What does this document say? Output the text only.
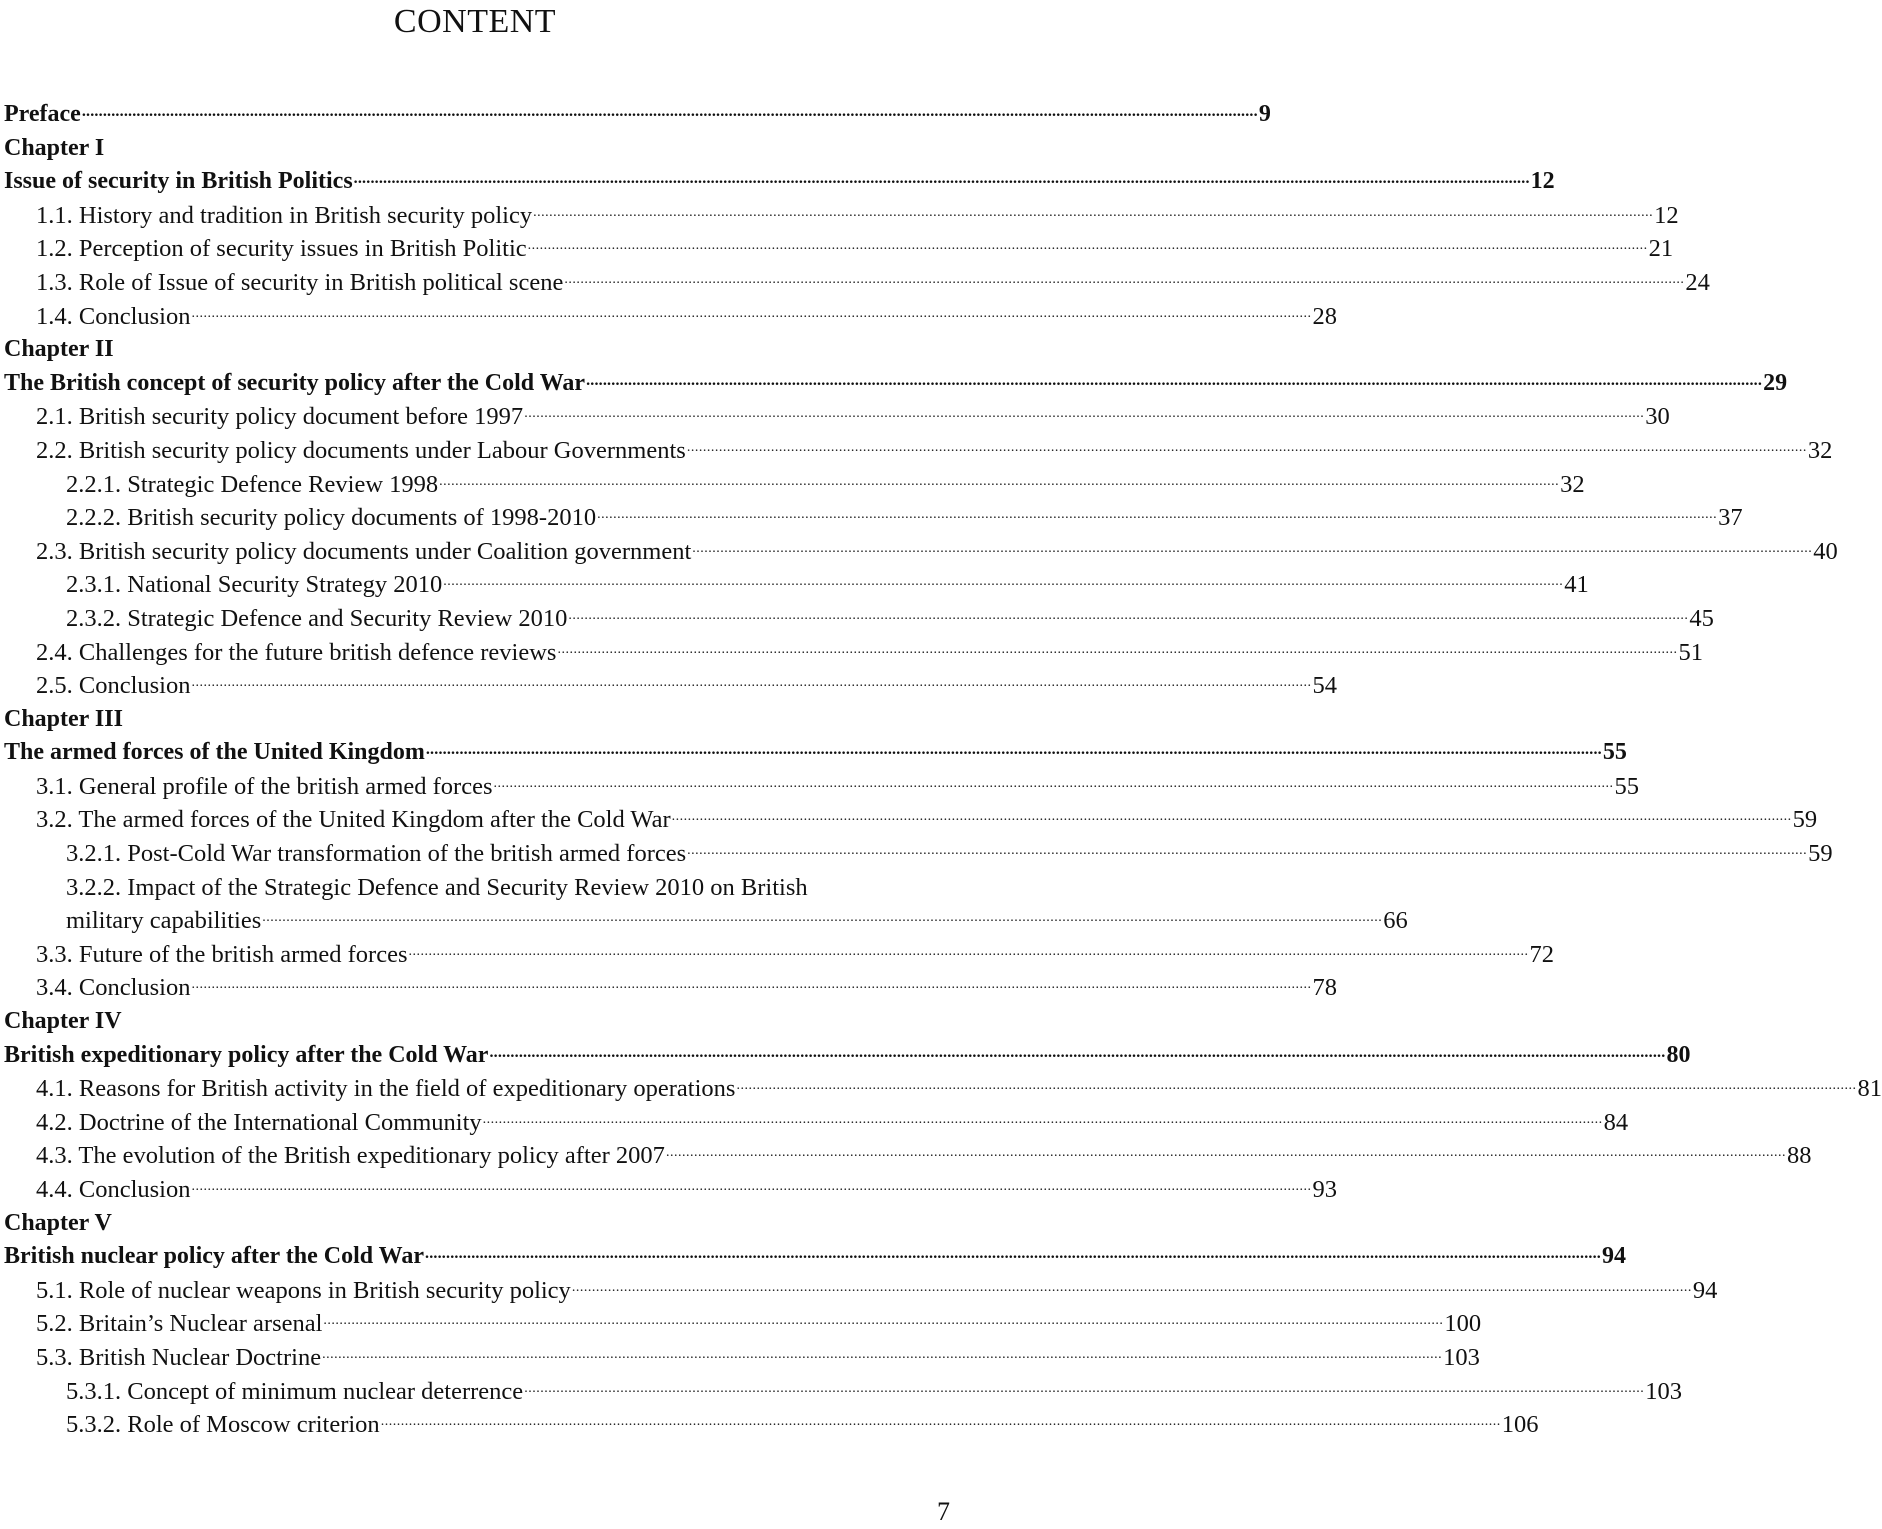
CONTENT
Preface .....	9
Chapter I
Issue of security in British Politics .....	12
1.1. History and tradition in British security policy .....	12
1.2. Perception of security issues in British Politic .....	21
1.3. Role of Issue of security in British political scene .....	24
1.4. Conclusion .....	28
Chapter II
The British concept of security policy after the Cold War .....	29
2.1. British security policy document before 1997 .....	30
2.2. British security policy documents under Labour Governments .....	32
2.2.1. Strategic Defence Review 1998 .....	32
2.2.2. British security policy documents of 1998-2010 .....	37
2.3. British security policy documents under Coalition government .....	40
2.3.1. National Security Strategy 2010 .....	41
2.3.2. Strategic Defence and Security Review 2010 .....	45
2.4. Challenges for the future british defence reviews .....	51
2.5. Conclusion .....	54
Chapter III
The armed forces of the United Kingdom .....	55
3.1. General profile of the british armed forces .....	55
3.2. The armed forces of the United Kingdom after the Cold War .....	59
3.2.1. Post-Cold War transformation of the british armed forces .....	59
3.2.2. Impact of the Strategic Defence and Security Review 2010 on British
military capabilities .....	66
3.3. Future of the british armed forces .....	72
3.4. Conclusion .....	78
Chapter IV
British expeditionary policy after the Cold War .....	80
4.1. Reasons for British activity in the field of expeditionary operations .....	81
4.2. Doctrine of the International Community .....	84
4.3. The evolution of the British expeditionary policy after 2007 .....	88
4.4. Conclusion .....	93
Chapter V
British nuclear policy after the Cold War .....	94
5.1. Role of nuclear weapons in British security policy .....	94
5.2. Britain’s Nuclear arsenal .....	100
5.3. British Nuclear Doctrine .....	103
5.3.1. Concept of minimum nuclear deterrence .....	103
5.3.2. Role of Moscow criterion .....	106
7
